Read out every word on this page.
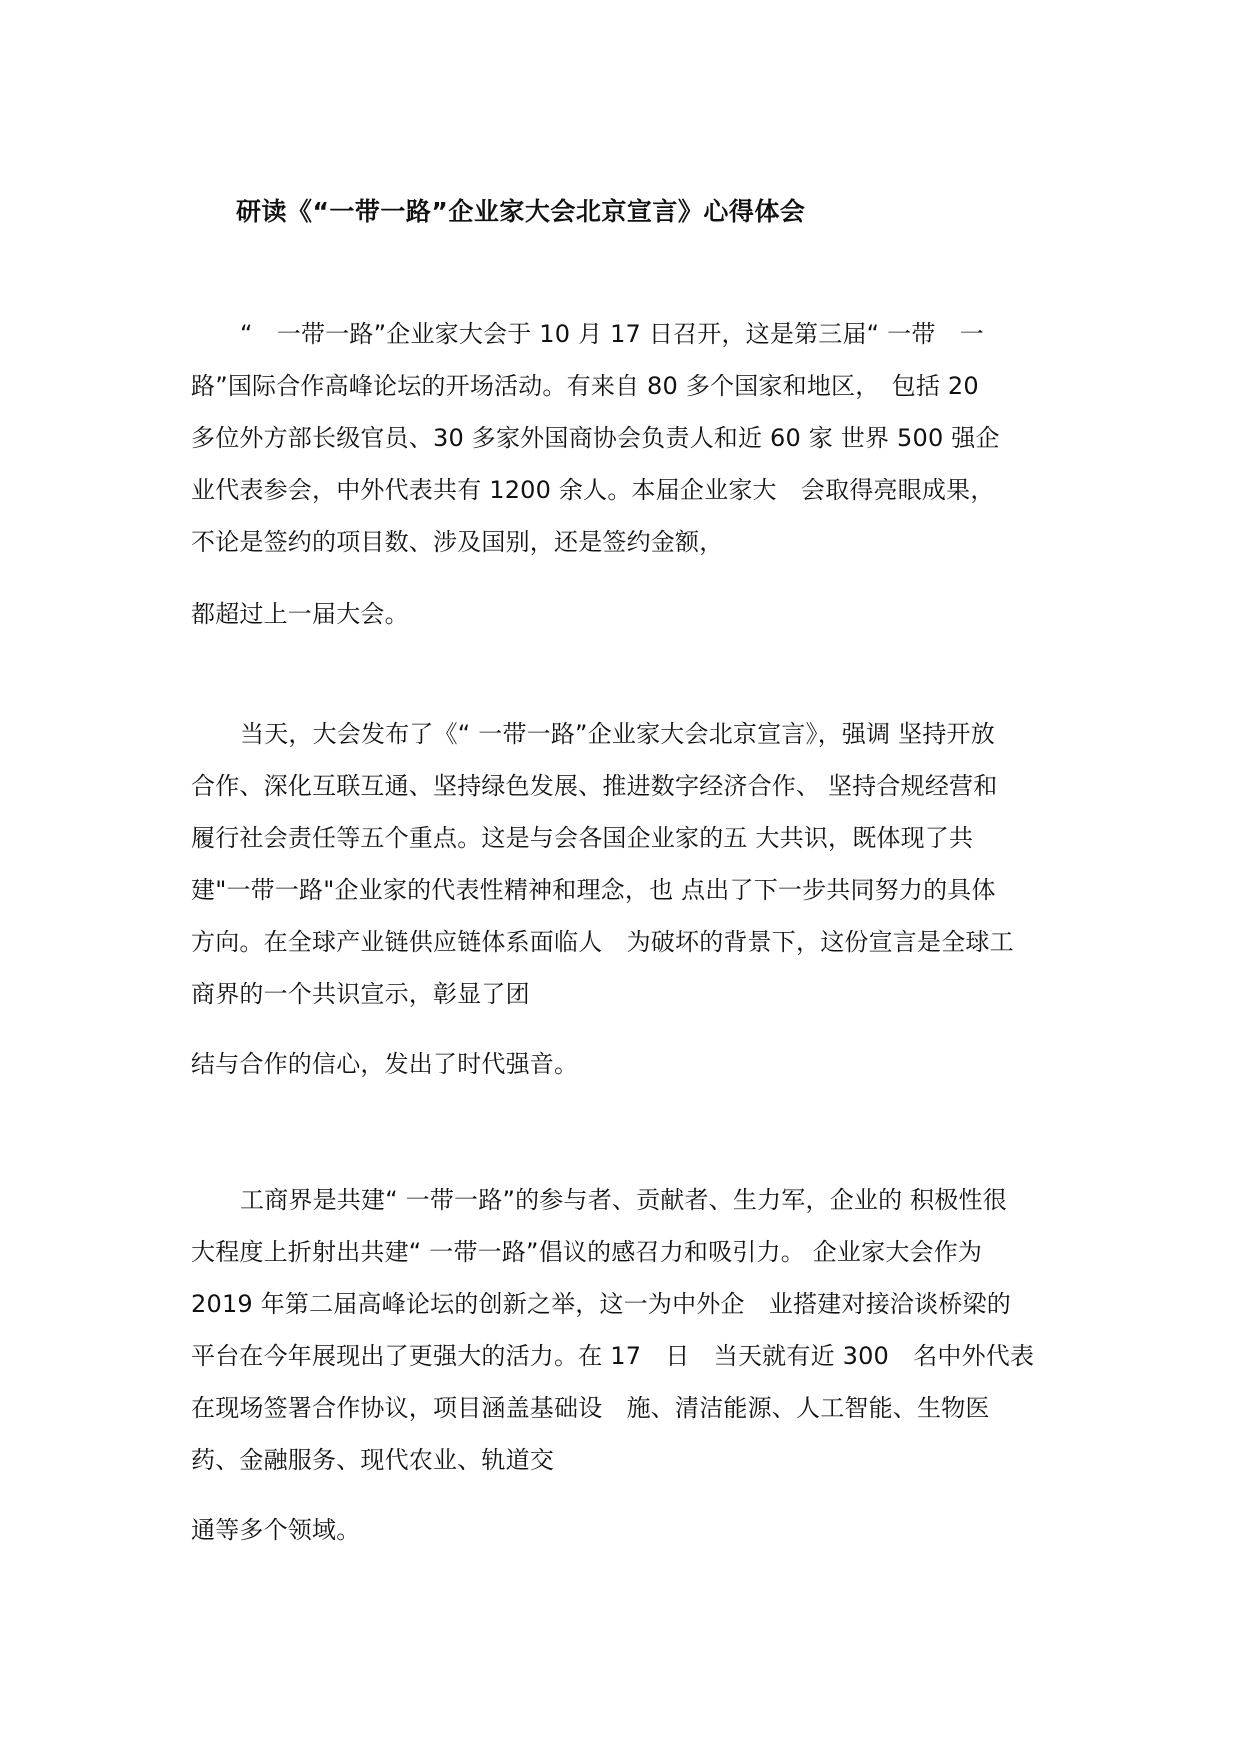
研读《“一带一路”企业家大会北京宣言》心得体会
“　一带一路”企业家大会于 10 月 17 日召开，这是第三届“ 一带　一
路”国际合作高峰论坛的开场活动。有来自 80 多个国家和地区，　包括 20
多位外方部长级官员、30 多家外国商协会负责人和近 60 家 世界 500 强企
业代表参会，中外代表共有 1200 余人。本届企业家大　会取得亮眼成果，
不论是签约的项目数、涉及国别，还是签约金额，
都超过上一届大会。
当天，大会发布了《“ 一带一路”企业家大会北京宣言》，强调 坚持开放
合作、深化互联互通、坚持绿色发展、推进数字经济合作、 坚持合规经营和
履行社会责任等五个重点。这是与会各国企业家的五 大共识，既体现了共
建"一带一路"企业家的代表性精神和理念，也 点出了下一步共同努力的具体
方向。在全球产业链供应链体系面临人　为破坏的背景下，这份宣言是全球工
商界的一个共识宣示，彰显了团
结与合作的信心，发出了时代强音。
工商界是共建“ 一带一路”的参与者、贡献者、生力军，企业的 积极性很
大程度上折射出共建“ 一带一路”倡议的感召力和吸引力。 企业家大会作为
2019 年第二届高峰论坛的创新之举，这一为中外企　业搭建对接洽谈桥梁的
平台在今年展现出了更强大的活力。在 17　日　当天就有近 300　名中外代表
在现场签署合作协议，项目涵盖基础设　施、清洁能源、人工智能、生物医
药、金融服务、现代农业、轨道交
通等多个领域。
